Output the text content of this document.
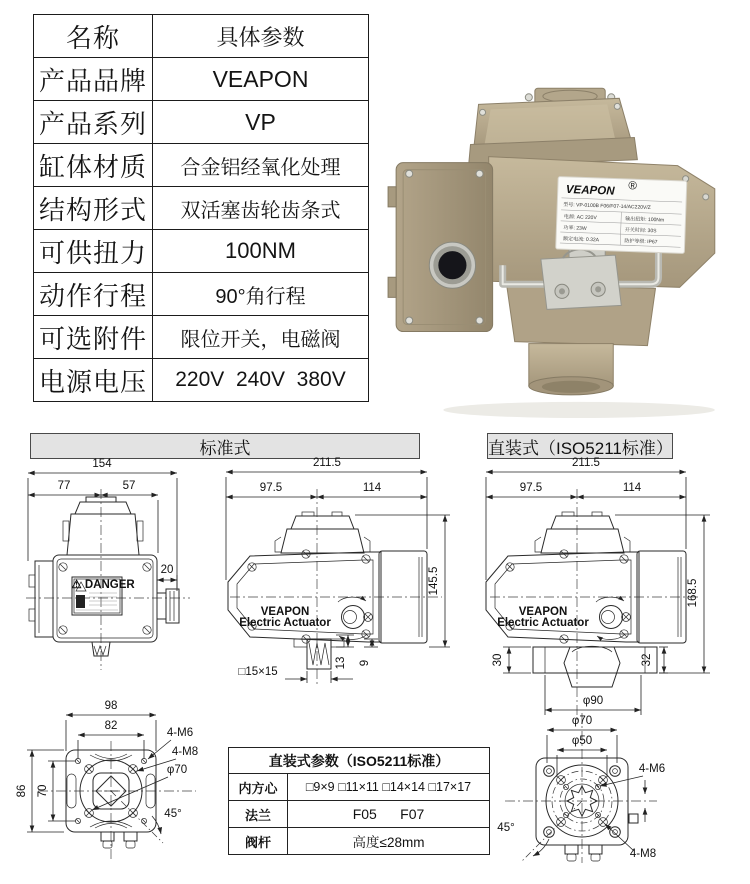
名称	具体参数
产品品牌	VEAPON
产品系列	VP
缸体材质	合金铝经氧化处理
结构形式	双活塞齿轮齿条式
可供扭力	100NM
动作行程	90°角行程
可选附件	限位开关，电磁阀
电源电压	220V  240V  380V
VEAPON ®
型号: VP-0100B F06/F07-14/AC220V/Z
电源: AC 220V	输出扭矩: 100Nm
功率: 23W	开关时间: 30S
额定电流: 0.32A	防护等级: IP67
标准式	直装式（ISO5211标准）
直装式参数（ISO5211标准）	
内方心	□9×9 □11×11 □14×14 □17×17
法兰	F05      F07
阀杆	高度≤28mm
154
77	57
⚠ DANGER
20
211.5
97.5	114
145.5
VEAPON
Electric Actuator
□15×15
13 9
211.5
97.5	114
168.5
VEAPON
Electric Actuator
30	32
φ90
98
82
86 70
4-M6
4-M8
φ70
45°
φ70
φ50
4-M6
4-M8
45°
